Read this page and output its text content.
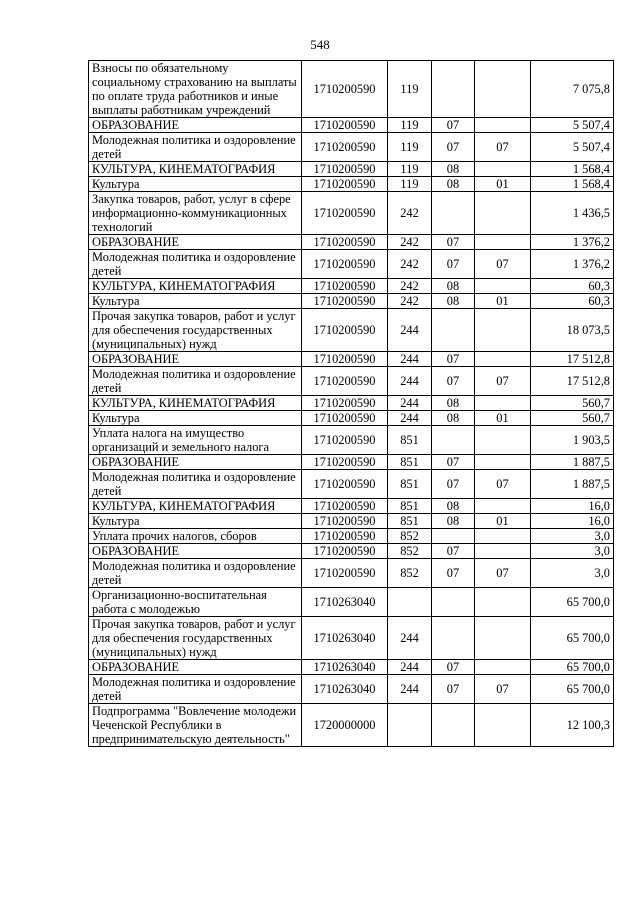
548
Взносы по обязательному социальному страхованию на выплаты по оплате труда работников и иные выплаты работникам учреждений	1710200590	119			7 075,8
ОБРАЗОВАНИЕ	1710200590	119	07		5 507,4
Молодежная политика и оздоровление детей	1710200590	119	07	07	5 507,4
КУЛЬТУРА, КИНЕМАТОГРАФИЯ	1710200590	119	08		1 568,4
Культура	1710200590	119	08	01	1 568,4
Закупка товаров, работ, услуг в сфере информационно-коммуникационных технологий	1710200590	242			1 436,5
ОБРАЗОВАНИЕ	1710200590	242	07		1 376,2
Молодежная политика и оздоровление детей	1710200590	242	07	07	1 376,2
КУЛЬТУРА, КИНЕМАТОГРАФИЯ	1710200590	242	08		60,3
Культура	1710200590	242	08	01	60,3
Прочая закупка товаров, работ и услуг для обеспечения государственных (муниципальных) нужд	1710200590	244			18 073,5
ОБРАЗОВАНИЕ	1710200590	244	07		17 512,8
Молодежная политика и оздоровление детей	1710200590	244	07	07	17 512,8
КУЛЬТУРА, КИНЕМАТОГРАФИЯ	1710200590	244	08		560,7
Культура	1710200590	244	08	01	560,7
Уплата налога на имущество организаций и земельного налога	1710200590	851			1 903,5
ОБРАЗОВАНИЕ	1710200590	851	07		1 887,5
Молодежная политика и оздоровление детей	1710200590	851	07	07	1 887,5
КУЛЬТУРА, КИНЕМАТОГРАФИЯ	1710200590	851	08		16,0
Культура	1710200590	851	08	01	16,0
Уплата прочих налогов, сборов	1710200590	852			3,0
ОБРАЗОВАНИЕ	1710200590	852	07		3,0
Молодежная политика и оздоровление детей	1710200590	852	07	07	3,0
Организационно-воспитательная работа с молодежью	1710263040				65 700,0
Прочая закупка товаров, работ и услуг для обеспечения государственных (муниципальных) нужд	1710263040	244			65 700,0
ОБРАЗОВАНИЕ	1710263040	244	07		65 700,0
Молодежная политика и оздоровление детей	1710263040	244	07	07	65 700,0
Подпрограмма "Вовлечение молодежи Чеченской Республики в предпринимательскую деятельность"	1720000000				12 100,3
